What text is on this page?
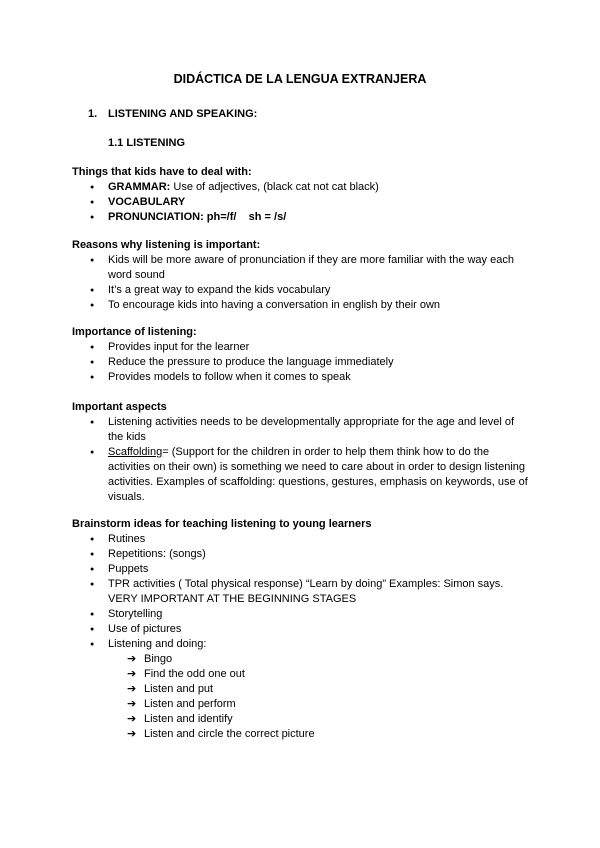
DIDÁCTICA DE LA LENGUA EXTRANJERA
1. LISTENING AND SPEAKING:
1.1 LISTENING
Things that kids have to deal with:
● GRAMMAR: Use of adjectives, (black cat not cat black)
● VOCABULARY
● PRONUNCIATION: ph=/f/    sh = /s/
Reasons why listening is important:
● Kids will be more aware of pronunciation if they are more familiar with the way each word sound
● It’s a great way to expand the kids vocabulary
● To encourage kids into having a conversation in english by their own
Importance of listening:
● Provides input for the learner
● Reduce the pressure to produce the language immediately
● Provides models to follow when it comes to speak
Important aspects
● Listening activities needs to be developmentally appropriate for the age and level of the kids
● Scaffolding= (Support for the children in order to help them think how to do the activities on their own) is something we need to care about in order to design listening activities. Examples of scaffolding: questions, gestures, emphasis on keywords, use of visuals.
Brainstorm ideas for teaching listening to young learners
● Rutines
● Repetitions: (songs)
● Puppets
● TPR activities ( Total physical response) “Learn by doing” Examples: Simon says. VERY IMPORTANT AT THE BEGINNING STAGES
● Storytelling
● Use of pictures
● Listening and doing:
➔ Bingo
➔ Find the odd one out
➔ Listen and put
➔ Listen and perform
➔ Listen and identify
➔ Listen and circle the correct picture
